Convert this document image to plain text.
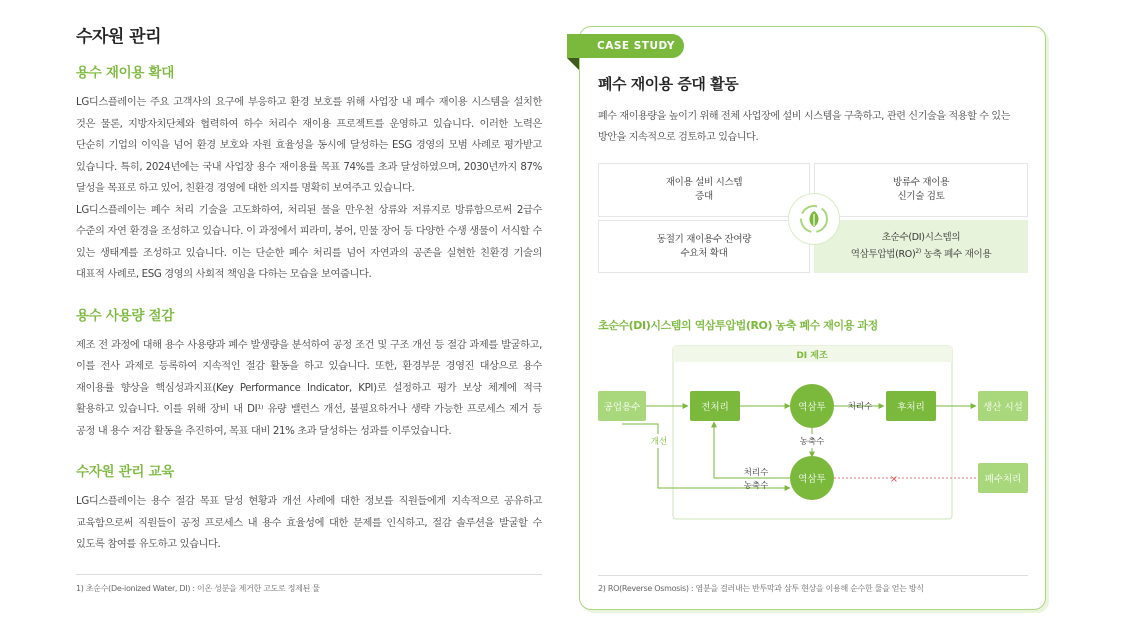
수자원 관리
용수 재이용 확대

LG디스플레이는 주요 고객사의 요구에 부응하고 환경 보호를 위해 사업장 내 폐수 재이용 시스템을 설치한 것은 물론, 지방자치단체와 협력하여 하수 처리수 재이용 프로젝트를 운영하고 있습니다. 이러한 노력은 단순히 기업의 이익을 넘어 환경 보호와 자원 효율성을 동시에 달성하는 ESG 경영의 모범 사례로 평가받고 있습니다. 특히, 2024년에는 국내 사업장 용수 재이용률 목표 74%를 초과 달성하였으며, 2030년까지 87% 달성을 목표로 하고 있어, 친환경 경영에 대한 의지를 명확히 보여주고 있습니다.

LG디스플레이는 폐수 처리 기술을 고도화하여, 처리된 물을 만우천 상류와 저류지로 방류함으로써 2급수 수준의 자연 환경을 조성하고 있습니다. 이 과정에서 피라미, 붕어, 민물 장어 등 다양한 수생 생물이 서식할 수 있는 생태계를 조성하고 있습니다. 이는 단순한 폐수 처리를 넘어 자연과의 공존을 실현한 친환경 기술의 대표적 사례로, ESG 경영의 사회적 책임을 다하는 모습을 보여줍니다.

용수 사용량 절감

제조 전 과정에 대해 용수 사용량과 폐수 발생량을 분석하여 공정 조건 및 구조 개선 등 절감 과제를 발굴하고, 이를 전사 과제로 등록하여 지속적인 절감 활동을 하고 있습니다. 또한, 환경부문 경영진 대상으로 용수 재이용률 향상을 핵심성과지표(Key Performance Indicator, KPI)로 설정하고 평가 보상 체계에 적극 활용하고 있습니다. 이를 위해 장비 내 DI¹⁾ 유량 밸런스 개선, 불필요하거나 생략 가능한 프로세스 제거 등 공정 내 용수 저감 활동을 추진하여, 목표 대비 21% 초과 달성하는 성과를 이루었습니다.

수자원 관리 교육

LG디스플레이는 용수 절감 목표 달성 현황과 개선 사례에 대한 정보를 직원들에게 지속적으로 공유하고 교육함으로써 직원들이 공정 프로세스 내 용수 효율성에 대한 문제를 인식하고, 절감 솔루션을 발굴할 수 있도록 참여를 유도하고 있습니다.

1) 초순수(De-ionized Water, DI) : 이온 성분을 제거한 고도로 정제된 물
CASE STUDY
폐수 재이용 증대 활동
폐수 재이용량을 높이기 위해 전체 사업장에 설비 시스템을 구축하고, 관련 신기술을 적용할 수 있는 방안을 지속적으로 검토하고 있습니다.
재이용 설비 시스템
증대
방류수 재이용
신기술 검토
동절기 재이용수 잔여량
수요처 확대
초순수(DI)시스템의
역삼투압법(RO)$^{2)}$ 농축 폐수 재이용
초순수(DI)시스템의 역삼투압법(RO) 농축 폐수 재이용 과정
DI 제조
공업용수	전처리	역삼투	처리수	후처리	생산 시설
농축수
개선
처리수
농축수
역삼투	×	폐수처리
2) RO(Reverse Osmosis) : 염분을 걸러내는 반투막과 삼투 현상을 이용해 순수한 물을 얻는 방식
